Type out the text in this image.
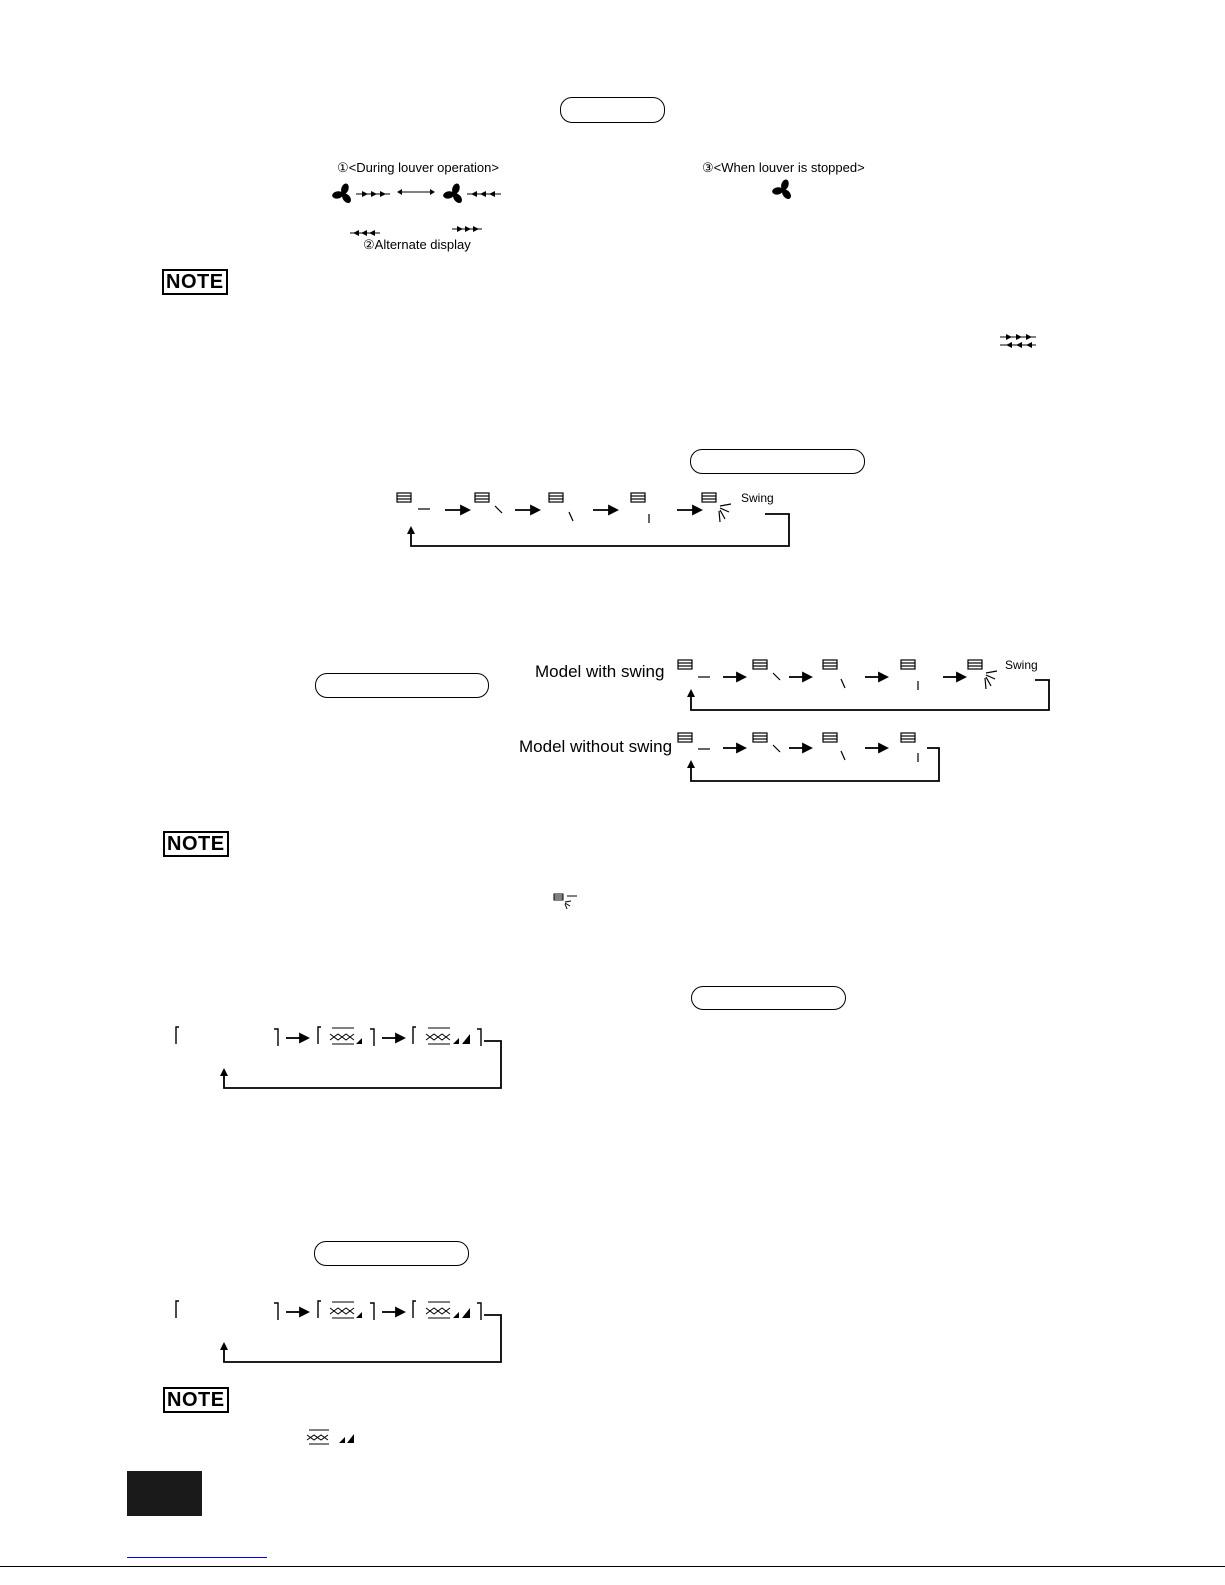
①<During louver operation>	③<When louver is stopped>
②Alternate display
NOTE
Swing
Model with swing
Model without swing
Swing
NOTE
NOTE
